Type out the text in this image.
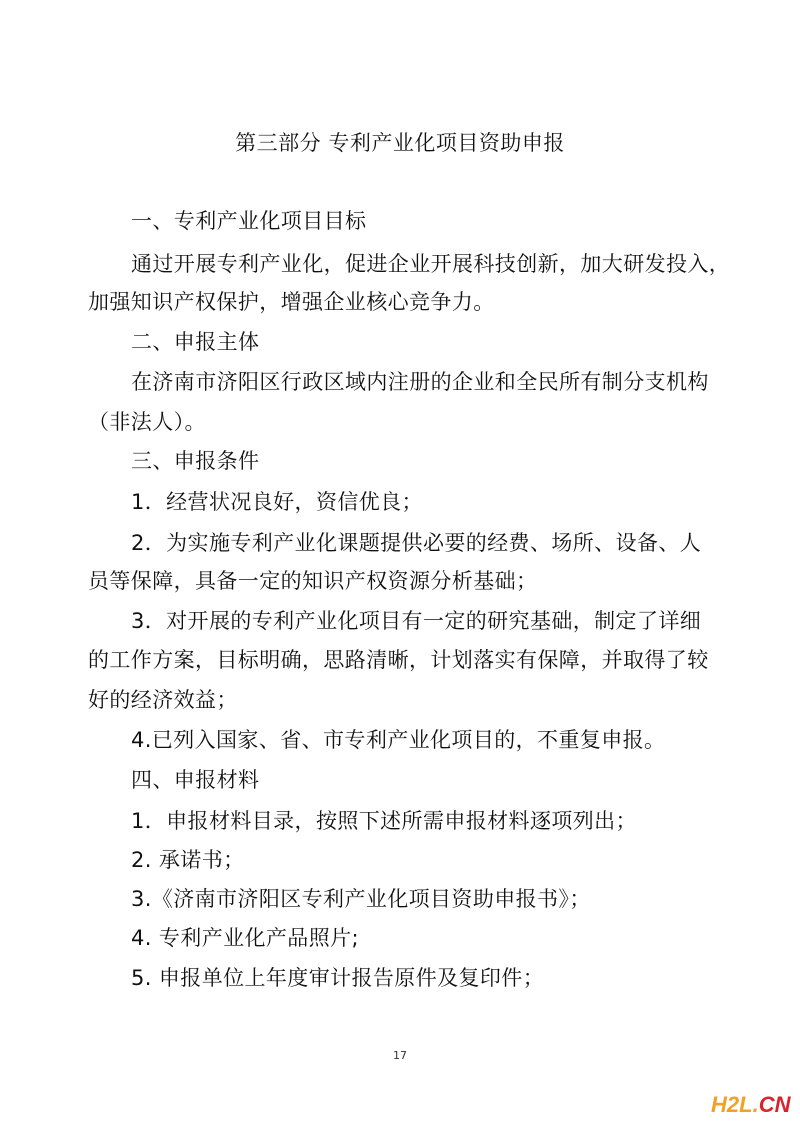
第三部分 专利产业化项目资助申报
一、专利产业化项目目标
通过开展专利产业化，促进企业开展科技创新，加大研发投入，
加强知识产权保护，增强企业核心竞争力。
二、申报主体
在济南市济阳区行政区域内注册的企业和全民所有制分支机构
（非法人）。
三、申报条件
1．经营状况良好，资信优良；
2．为实施专利产业化课题提供必要的经费、场所、设备、人
员等保障，具备一定的知识产权资源分析基础；
3．对开展的专利产业化项目有一定的研究基础，制定了详细
的工作方案，目标明确，思路清晰，计划落实有保障，并取得了较
好的经济效益；
4.已列入国家、省、市专利产业化项目的，不重复申报。
四、申报材料
1．申报材料目录，按照下述所需申报材料逐项列出；
2. 承诺书；
3.《济南市济阳区专利产业化项目资助申报书》；
4. 专利产业化产品照片;
5. 申报单位上年度审计报告原件及复印件；
17
H2L.CN
